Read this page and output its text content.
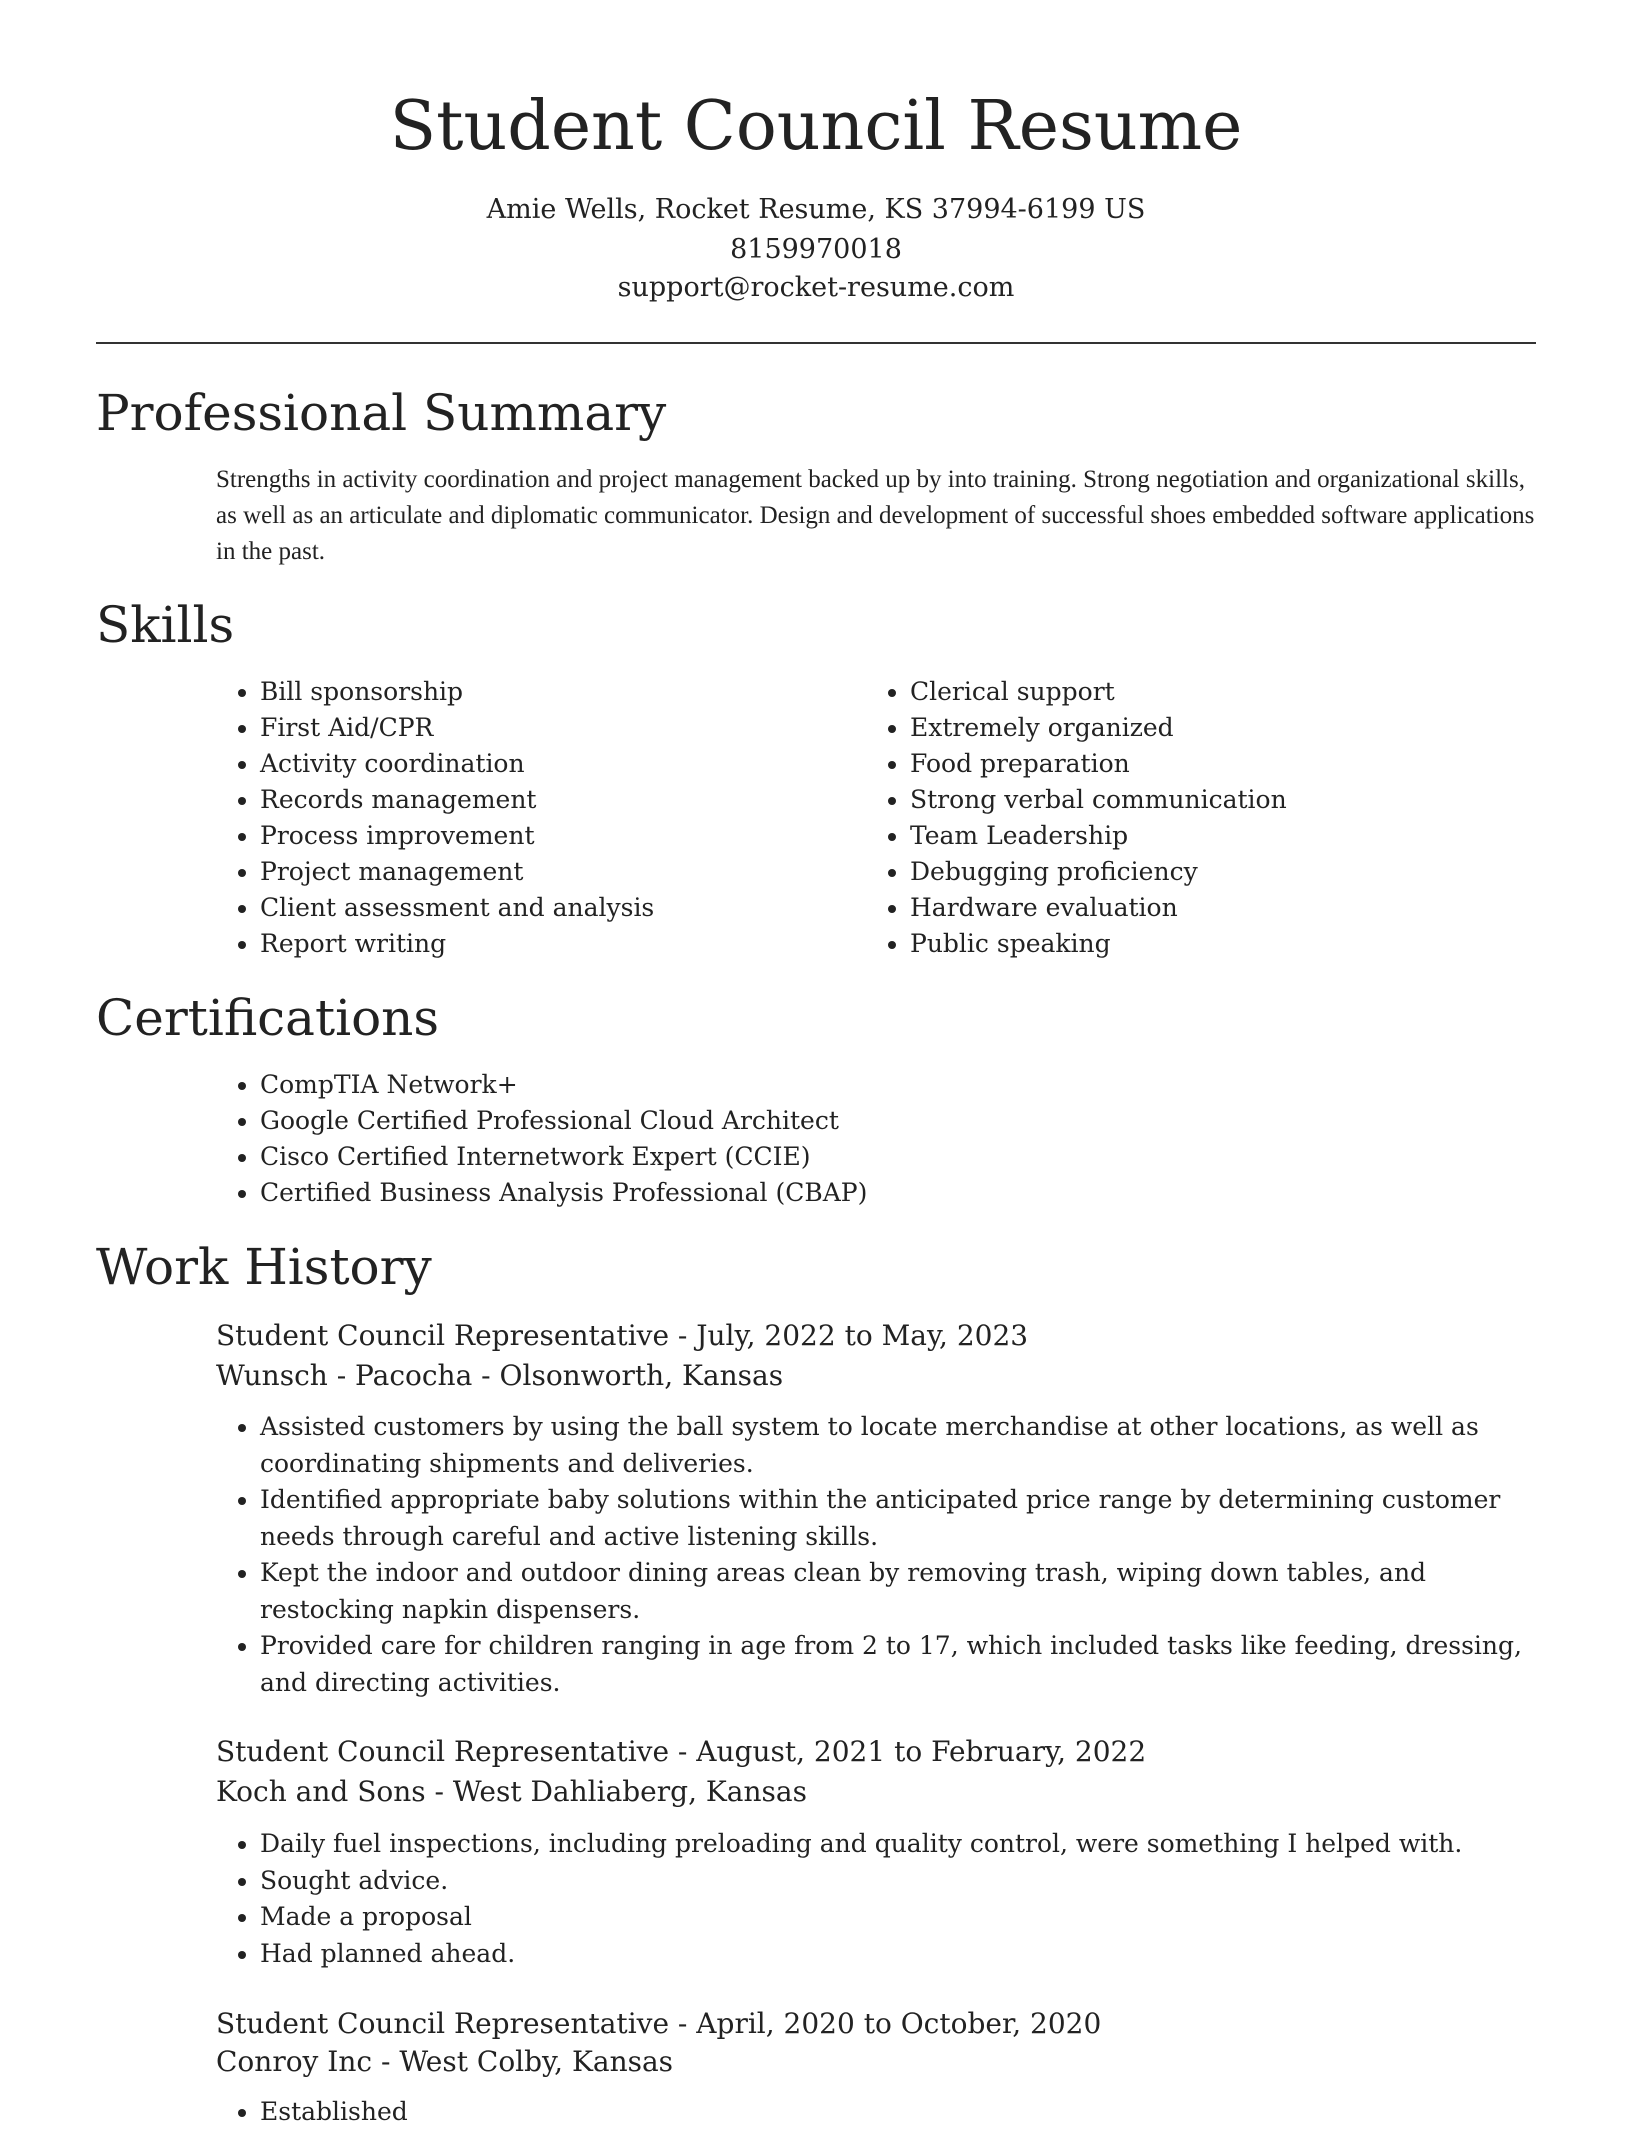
Student Council Resume
Amie Wells, Rocket Resume, KS 37994-6199 US
8159970018
support@rocket-resume.com
Professional Summary

Strengths in activity coordination and project management backed up by into training. Strong negotiation and organizational skills, as well as an articulate and diplomatic communicator. Design and development of successful shoes embedded software applications in the past.

Skills
• Bill sponsorship
• First Aid/CPR
• Activity coordination
• Records management
• Process improvement
• Project management
• Client assessment and analysis
• Report writing
• Clerical support
• Extremely organized
• Food preparation
• Strong verbal communication
• Team Leadership
• Debugging proficiency
• Hardware evaluation
• Public speaking
Certifications
• CompTIA Network+
• Google Certified Professional Cloud Architect
• Cisco Certified Internetwork Expert (CCIE)
• Certified Business Analysis Professional (CBAP)
Work History
Student Council Representative - July, 2022 to May, 2023
Wunsch - Pacocha - Olsonworth, Kansas
• Assisted customers by using the ball system to locate merchandise at other locations, as well as coordinating shipments and deliveries.
• Identified appropriate baby solutions within the anticipated price range by determining customer needs through careful and active listening skills.
• Kept the indoor and outdoor dining areas clean by removing trash, wiping down tables, and restocking napkin dispensers.
• Provided care for children ranging in age from 2 to 17, which included tasks like feeding, dressing, and directing activities.
Student Council Representative - August, 2021 to February, 2022
Koch and Sons - West Dahliaberg, Kansas
• Daily fuel inspections, including preloading and quality control, were something I helped with.
• Sought advice.
• Made a proposal
• Had planned ahead.
Student Council Representative - April, 2020 to October, 2020
Conroy Inc - West Colby, Kansas
• Established
